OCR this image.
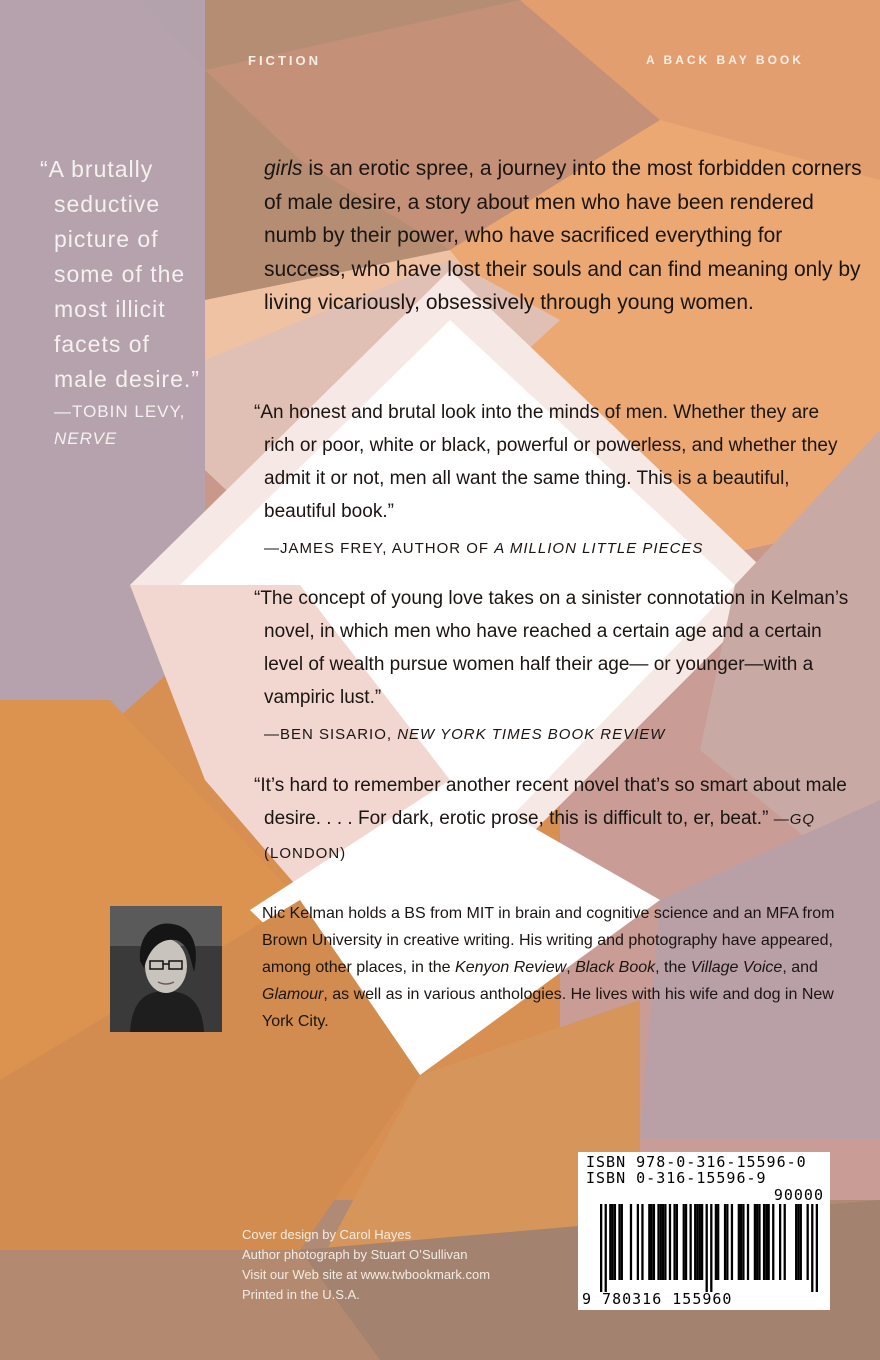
FICTION	A BACK BAY BOOK
“A brutally
seductive
picture of
some of the
most illicit
facets of
male desire.”
—TOBIN LEVY,
NERVE
girls is an erotic spree, a journey into the most forbidden corners of male desire, a story about men who have been rendered numb by their power, who have sacrificed everything for success, who have lost their souls and can find meaning only by living vicariously, obsessively through young women.
“An honest and brutal look into the minds of men. Whether they are rich or poor, white or black, powerful or powerless, and whether they admit it or not, men all want the same thing. This is a beautiful, beautiful book.”
—JAMES FREY, AUTHOR OF A MILLION LITTLE PIECES
“The concept of young love takes on a sinister connotation in Kelman’s novel, in which men who have reached a certain age and a certain level of wealth pursue women half their age— or younger—with a vampiric lust.”
—BEN SISARIO, NEW YORK TIMES BOOK REVIEW
“It’s hard to remember another recent novel that’s so smart about male desire. . . . For dark, erotic prose, this is difficult to, er, beat.” —GQ (LONDON)
Nic Kelman holds a BS from MIT in brain and cognitive science and an MFA from Brown University in creative writing. His writing and photography have appeared, among other places, in the Kenyon Review, Black Book, the Village Voice, and Glamour, as well as in various anthologies. He lives with his wife and dog in New York City.
Cover design by Carol Hayes
Author photograph by Stuart O’Sullivan
Visit our Web site at www.twbookmark.com
Printed in the U.S.A.
ISBN 978-0-316-15596-0
ISBN 0-316-15596-9
90000
9 780316 155960
